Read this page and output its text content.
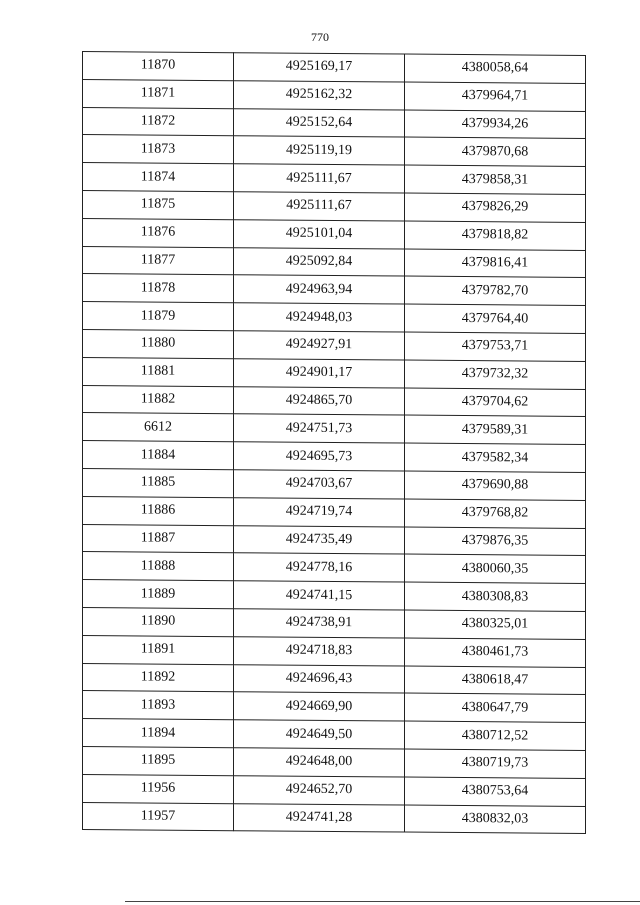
770
11870	4925169,17	4380058,64
11871	4925162,32	4379964,71
11872	4925152,64	4379934,26
11873	4925119,19	4379870,68
11874	4925111,67	4379858,31
11875	4925111,67	4379826,29
11876	4925101,04	4379818,82
11877	4925092,84	4379816,41
11878	4924963,94	4379782,70
11879	4924948,03	4379764,40
11880	4924927,91	4379753,71
11881	4924901,17	4379732,32
11882	4924865,70	4379704,62
6612	4924751,73	4379589,31
11884	4924695,73	4379582,34
11885	4924703,67	4379690,88
11886	4924719,74	4379768,82
11887	4924735,49	4379876,35
11888	4924778,16	4380060,35
11889	4924741,15	4380308,83
11890	4924738,91	4380325,01
11891	4924718,83	4380461,73
11892	4924696,43	4380618,47
11893	4924669,90	4380647,79
11894	4924649,50	4380712,52
11895	4924648,00	4380719,73
11956	4924652,70	4380753,64
11957	4924741,28	4380832,03
